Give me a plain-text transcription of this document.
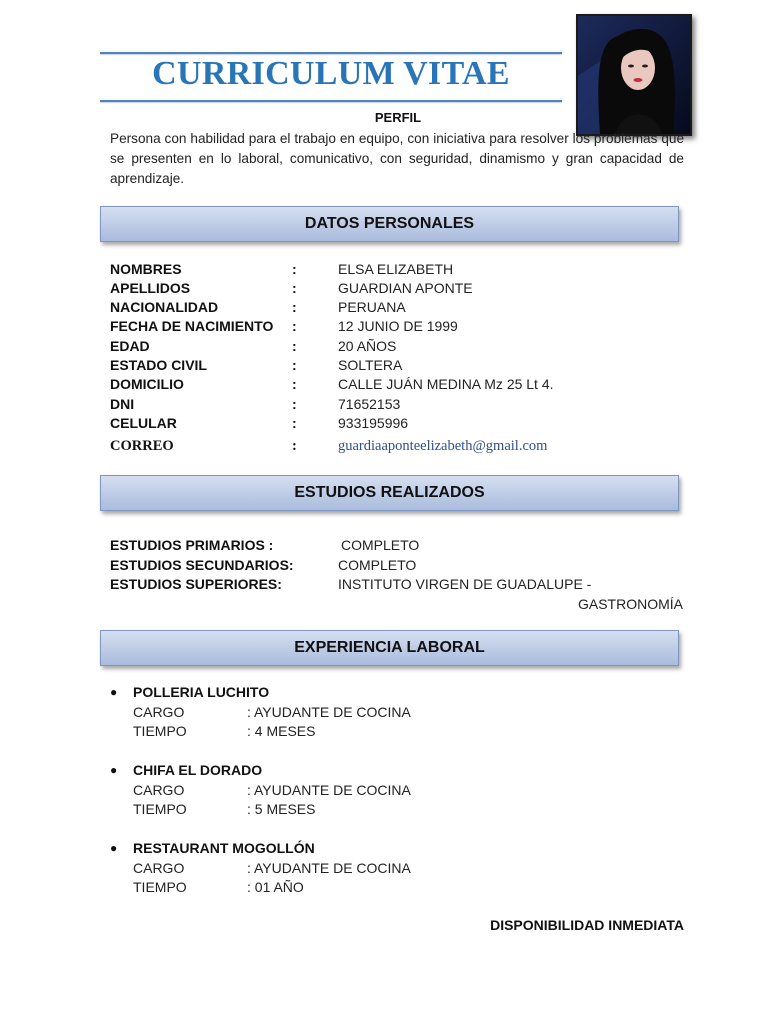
CURRICULUM VITAE
PERFIL
Persona con habilidad para el trabajo en equipo, con iniciativa para resolver los problemas que se presenten en lo laboral, comunicativo, con seguridad, dinamismo y gran capacidad de aprendizaje.
DATOS PERSONALES
NOMBRES	:	ELSA ELIZABETH
APELLIDOS	:	GUARDIAN APONTE
NACIONALIDAD	:	PERUANA
FECHA DE NACIMIENTO :	12 JUNIO DE 1999
EDAD	:	20 AÑOS
ESTADO CIVIL	:	SOLTERA
DOMICILIO	:	CALLE JUÁN MEDINA Mz 25 Lt 4.
DNI	:	71652153
CELULAR	:	933195996
CORREO	:	guardiaaponteelizabeth@gmail.com
ESTUDIOS REALIZADOS
ESTUDIOS PRIMARIOS :	COMPLETO
ESTUDIOS SECUNDARIOS:	COMPLETO
ESTUDIOS SUPERIORES:	INSTITUTO VIRGEN DE GUADALUPE -
GASTRONOMÍA
EXPERIENCIA LABORAL
● POLLERIA LUCHITO
CARGO	: AYUDANTE DE COCINA
TIEMPO	: 4 MESES
● CHIFA EL DORADO
CARGO	: AYUDANTE DE COCINA
TIEMPO	: 5 MESES
● RESTAURANT MOGOLLÓN
CARGO	: AYUDANTE DE COCINA
TIEMPO	: 01 AÑO
DISPONIBILIDAD INMEDIATA
